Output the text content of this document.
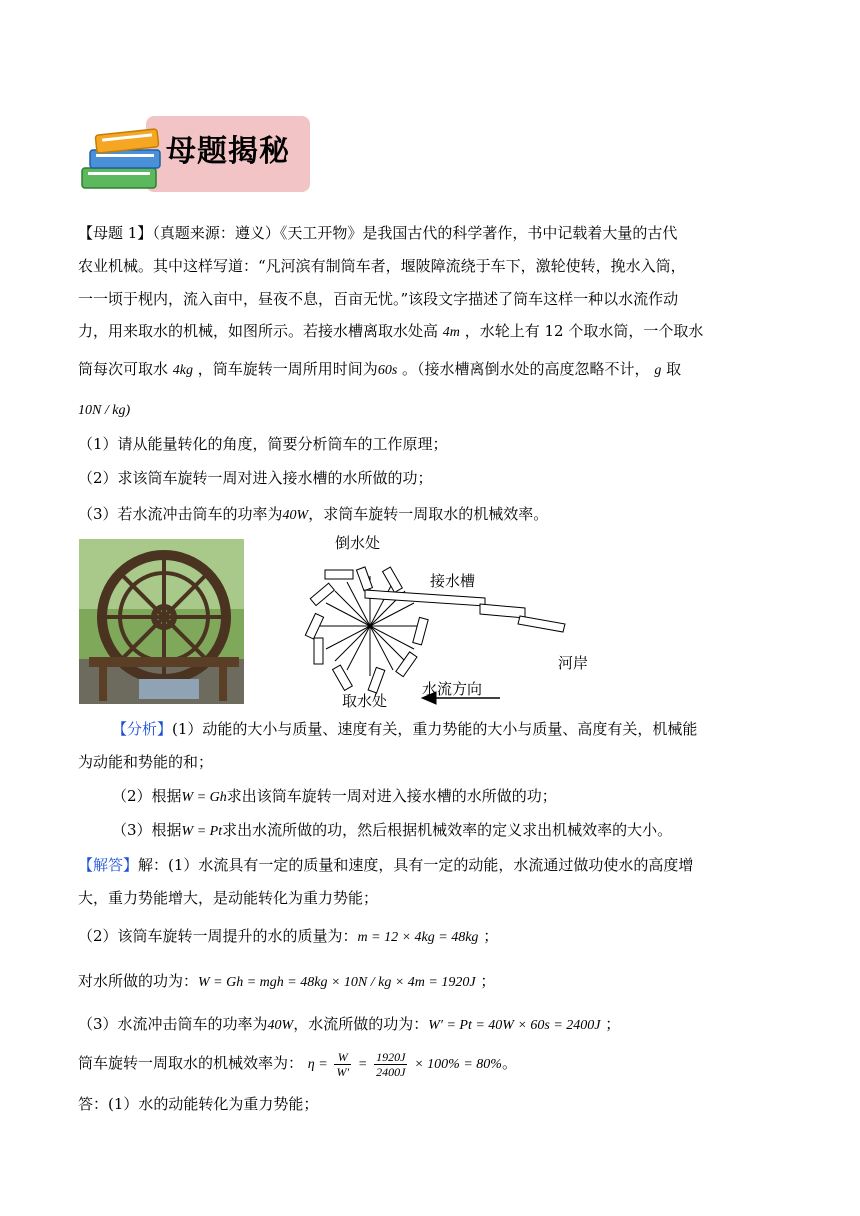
母题揭秘
【母题 1】（真题来源：遵义）《天工开物》是我国古代的科学著作，书中记载着大量的古代
农业机械。其中这样写道：“凡河滨有制筒车者，堰陂障流绕于车下，激轮使转，挽水入筒，
一一顷于枧内，流入亩中，昼夜不息，百亩无忧。”该段文字描述了筒车这样一种以水流作动
力，用来取水的机械，如图所示。若接水槽离取水处高 4m ，水轮上有 12 个取水筒，一个取水
筒每次可取水 4kg ，筒车旋转一周所用时间为60s 。（接水槽离倒水处的高度忽略不计， g 取
10N / kg)
（1）请从能量转化的角度，简要分析筒车的工作原理；
（2）求该筒车旋转一周对进入接水槽的水所做的功；
（3）若水流冲击筒车的功率为40W，求筒车旋转一周取水的机械效率。
倒水处
接水槽
河岸
取水处
水流方向
【分析】(1）动能的大小与质量、速度有关，重力势能的大小与质量、高度有关，机械能
为动能和势能的和；
（2）根据W = Gh求出该筒车旋转一周对进入接水槽的水所做的功；
（3）根据W = Pt求出水流所做的功，然后根据机械效率的定义求出机械效率的大小。
【解答】解：(1）水流具有一定的质量和速度，具有一定的动能，水流通过做功使水的高度增
大，重力势能增大，是动能转化为重力势能；
（2）该筒车旋转一周提升的水的质量为：m = 12 × 4kg = 48kg ；
对水所做的功为：W = Gh = mgh = 48kg × 10N / kg × 4m = 1920J ；
（3）水流冲击筒车的功率为40W，水流所做的功为：W′ = Pt = 40W × 60s = 2400J ；
筒车旋转一周取水的机械效率为： $\eta = \frac{W}{W'} = \frac{1920J}{2400J} \times 100\% = 80\%$。
答：(1）水的动能转化为重力势能；
